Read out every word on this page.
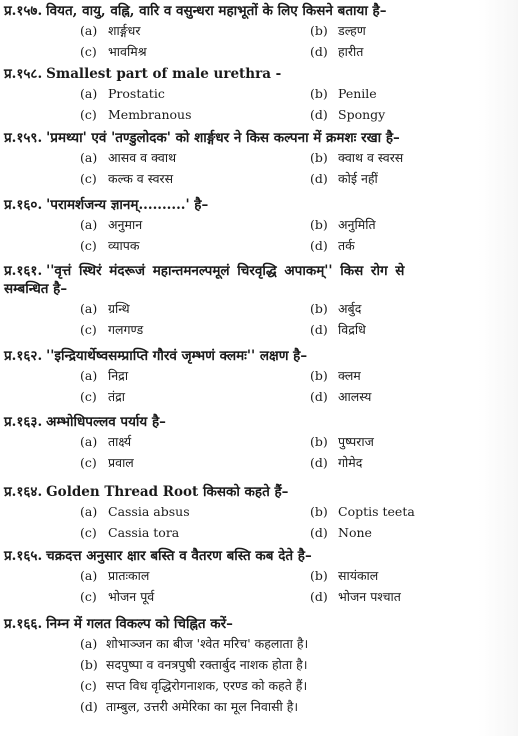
प्र.१५७. वियत, वायु, वह्नि, वारि व वसुन्धरा महाभूतों के लिए किसने बताया है–
(a) शार्ङ्गधर	(b) डल्हण
(c) भावमिश्र	(d) हारीत
प्र.१५८. Smallest part of male urethra -
(a) Prostatic	(b) Penile
(c) Membranous	(d) Spongy
प्र.१५९. 'प्रमथ्या' एवं 'तण्डुलोदक' को शार्ङ्गधर ने किस कल्पना में क्रमशः रखा है–
(a) आसव व क्वाथ	(b) क्वाथ व स्वरस
(c) कल्क व स्वरस	(d) कोई नहीं
प्र.१६०. 'परामर्शजन्य ज्ञानम्..........' है–
(a) अनुमान	(b) अनुमिति
(c) व्यापक	(d) तर्क
प्र.१६१. ''वृत्तं स्थिरं मंदरूजं महान्तमनल्पमूलं चिरवृद्धि अपाकम्'' किस रोग से
सम्बन्धित है–
(a) ग्रन्थि	(b) अर्बुद
(c) गलगण्ड	(d) विद्रधि
प्र.१६२. ''इन्द्रियार्थेष्वसम्प्राप्ति गौरवं जृम्भणं क्लमः'' लक्षण है–
(a) निद्रा	(b) क्लम
(c) तंद्रा	(d) आलस्य
प्र.१६३. अम्भोधिपल्लव पर्याय है–
(a) तार्क्ष्य	(b) पुष्पराज
(c) प्रवाल	(d) गोमेद
प्र.१६४. Golden Thread Root किसको कहते हैं–
(a) Cassia absus	(b) Coptis teeta
(c) Cassia tora	(d) None
प्र.१६५. चक्रदत्त अनुसार क्षार बस्ति व वैतरण बस्ति कब देते है–
(a) प्रातःकाल	(b) सायंकाल
(c) भोजन पूर्व	(d) भोजन पश्चात
प्र.१६६. निम्न में गलत विकल्प को चिह्नित करें–
(a) शोभाञ्जन का बीज 'श्वेत मरिच' कहलाता है।
(b) सदपुष्पा व वनत्रपुषी रक्तार्बुद नाशक होता है।
(c) सप्त विध वृद्धिरोगनाशक, एरण्ड को कहते हैं।
(d) ताम्बुल, उत्तरी अमेरिका का मूल निवासी है।
